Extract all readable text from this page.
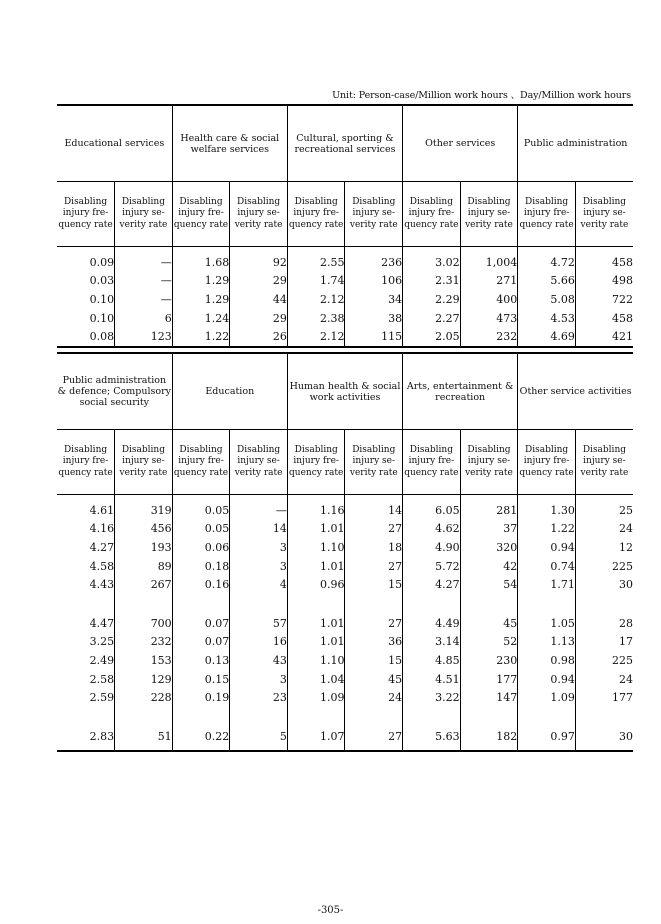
Unit: Person-case/Million work hours 、Day/Million work hours
Educational services		Health care & social welfare services		Cultural, sporting & recreational services		Other services		Public administration	
Disabling injury fre- quency rate	Disabling injury se- verity rate	Disabling injury fre- quency rate	Disabling injury se- verity rate	Disabling injury fre- quency rate	Disabling injury se- verity rate	Disabling injury fre- quency rate	Disabling injury se- verity rate	Disabling injury fre- quency rate	Disabling injury se- verity rate
0.09	—	1.68	92	2.55	236	3.02	1,004	4.72	458
0.03	—	1.29	29	1.74	106	2.31	271	5.66	498
0.10	—	1.29	44	2.12	34	2.29	400	5.08	722
0.10	6	1.24	29	2.38	38	2.27	473	4.53	458
0.08	123	1.22	26	2.12	115	2.05	232	4.69	421
Public administration & defence; Compulsory social security		Education		Human health & social work activities		Arts, entertainment & recreation		Other service activities	
Disabling injury fre- quency rate	Disabling injury se- verity rate	Disabling injury fre- quency rate	Disabling injury se- verity rate	Disabling injury fre- quency rate	Disabling injury se- verity rate	Disabling injury fre- quency rate	Disabling injury se- verity rate	Disabling injury fre- quency rate	Disabling injury se- verity rate
4.61	319	0.05	—	1.16	14	6.05	281	1.30	25
4.16	456	0.05	14	1.01	27	4.62	37	1.22	24
4.27	193	0.06	3	1.10	18	4.90	320	0.94	12
4.58	89	0.18	3	1.01	27	5.72	42	0.74	225
4.43	267	0.16	4	0.96	15	4.27	54	1.71	30
4.47	700	0.07	57	1.01	27	4.49	45	1.05	28
3.25	232	0.07	16	1.01	36	3.14	52	1.13	17
2.49	153	0.13	43	1.10	15	4.85	230	0.98	225
2.58	129	0.15	3	1.04	45	4.51	177	0.94	24
2.59	228	0.19	23	1.09	24	3.22	147	1.09	177
2.83	51	0.22	5	1.07	27	5.63	182	0.97	30
-305-
